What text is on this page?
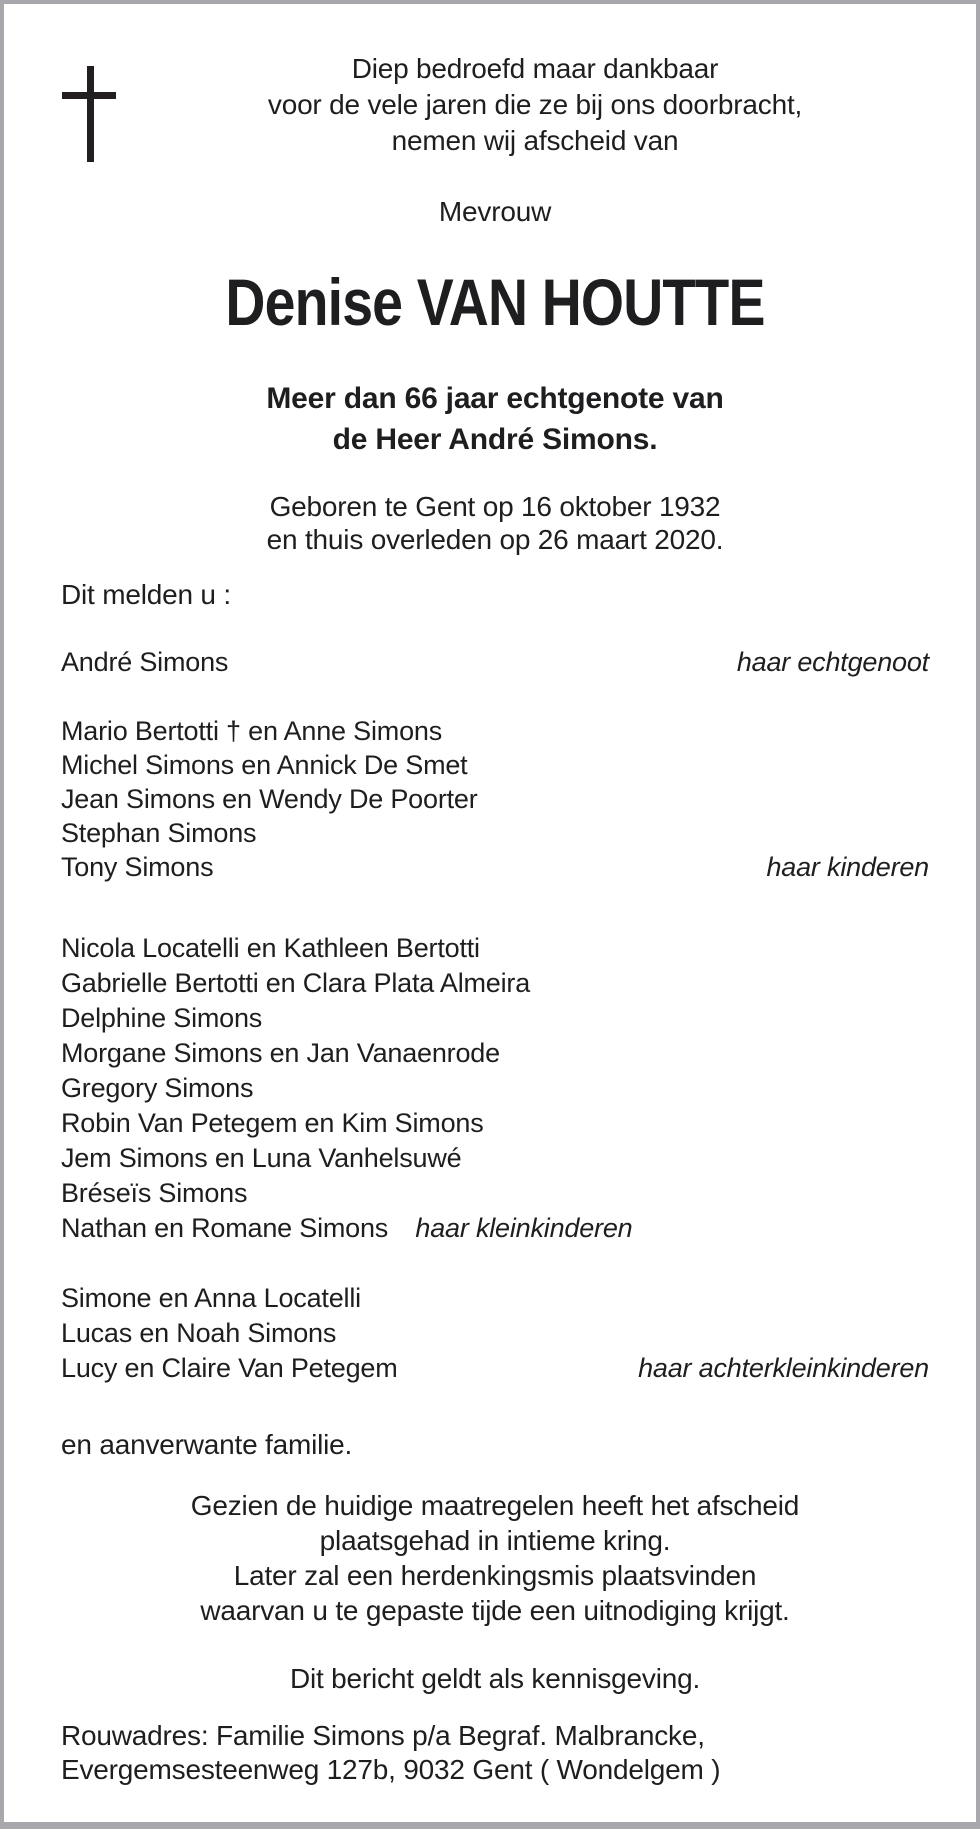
Diep bedroefd maar dankbaar
voor de vele jaren die ze bij ons doorbracht,
nemen wij afscheid van
Mevrouw
Denise VAN HOUTTE
Meer dan 66 jaar echtgenote van
de Heer André Simons.
Geboren te Gent op 16 oktober 1932
en thuis overleden op 26 maart 2020.
Dit melden u :
André Simons	haar echtgenoot
Mario Bertotti † en Anne Simons
Michel Simons en Annick De Smet
Jean Simons en Wendy De Poorter
Stephan Simons
Tony Simons	haar kinderen
Nicola Locatelli en Kathleen Bertotti
Gabrielle Bertotti en Clara Plata Almeira
Delphine Simons
Morgane Simons en Jan Vanaenrode
Gregory Simons
Robin Van Petegem en Kim Simons
Jem Simons en Luna Vanhelsuwé
Bréseïs Simons
Nathan en Romane Simons haar kleinkinderen
Simone en Anna Locatelli
Lucas en Noah Simons
Lucy en Claire Van Petegem	haar achterkleinkinderen
en aanverwante familie.
Gezien de huidige maatregelen heeft het afscheid
plaatsgehad in intieme kring.
Later zal een herdenkingsmis plaatsvinden
waarvan u te gepaste tijde een uitnodiging krijgt.
Dit bericht geldt als kennisgeving.
Rouwadres: Familie Simons p/a Begraf. Malbrancke,
Evergemsesteenweg 127b, 9032 Gent ( Wondelgem )
